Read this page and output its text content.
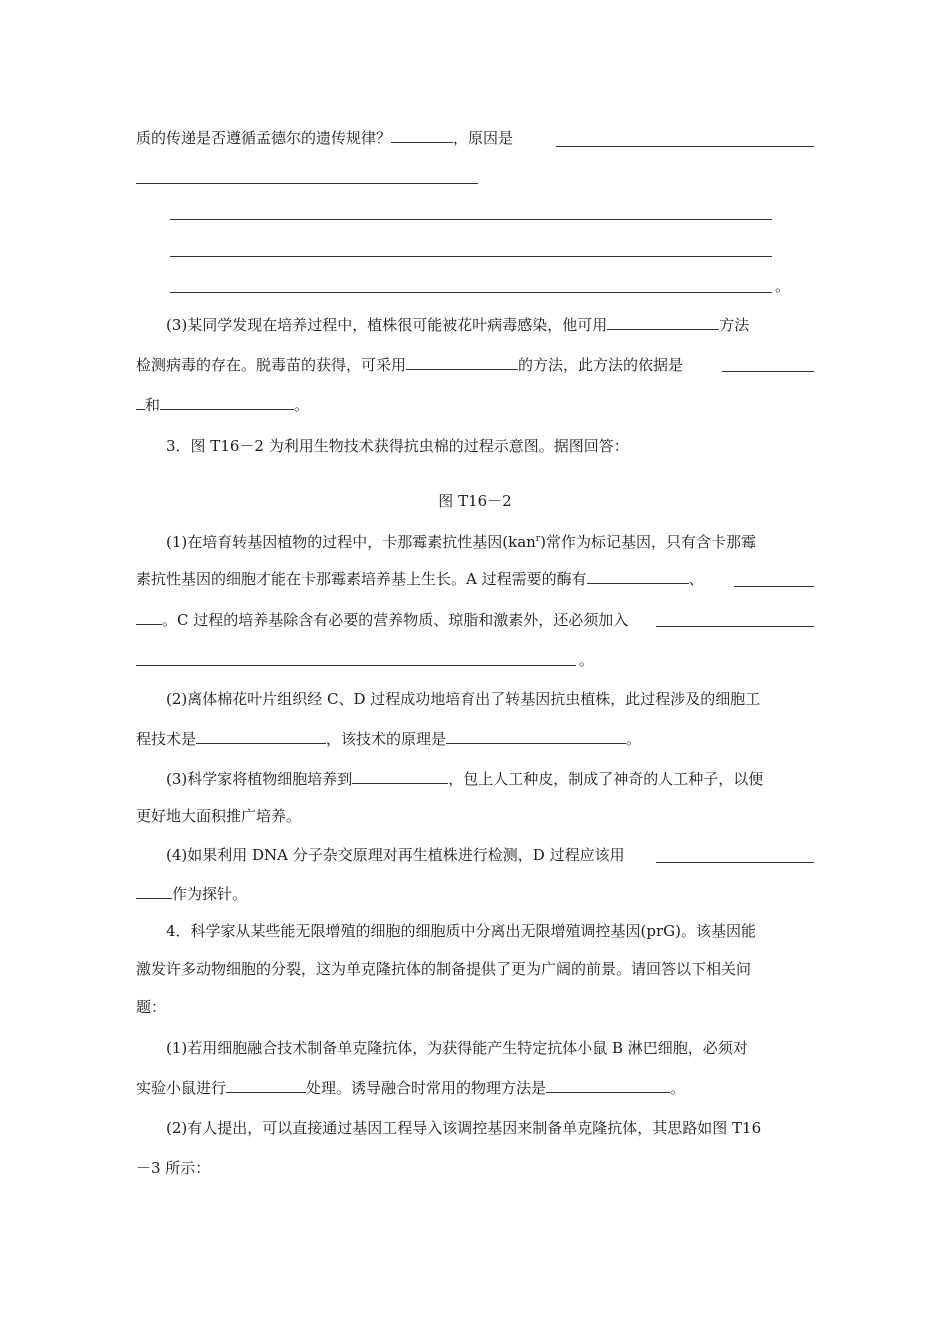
质的传递是否遵循孟德尔的遗传规律？	，原因是
。
(3)某同学发现在培养过程中，植株很可能被花叶病毒感染，他可用	方法
检测病毒的存在。脱毒苗的获得，可采用	的方法，此方法的依据是
和	。
3．图 T16－2 为利用生物技术获得抗虫棉的过程示意图。据图回答：
图 T16－2
(1)在培育转基因植物的过程中，卡那霉素抗性基因(kan$^r$)常作为标记基因，只有含卡那霉
素抗性基因的细胞才能在卡那霉素培养基上生长。A 过程需要的酶有	、
。C 过程的培养基除含有必要的营养物质、琼脂和激素外，还必须加入
。
(2)离体棉花叶片组织经 C、D 过程成功地培育出了转基因抗虫植株，此过程涉及的细胞工
程技术是	，该技术的原理是	。
(3)科学家将植物细胞培养到	，包上人工种皮，制成了神奇的人工种子，以便
更好地大面积推广培养。
(4)如果利用 DNA 分子杂交原理对再生植株进行检测，D 过程应该用
作为探针。
4．科学家从某些能无限增殖的细胞的细胞质中分离出无限增殖调控基因(prG)。该基因能
激发许多动物细胞的分裂，这为单克隆抗体的制备提供了更为广阔的前景。请回答以下相关问
题：
(1)若用细胞融合技术制备单克隆抗体，为获得能产生特定抗体小鼠 B 淋巴细胞，必须对
实验小鼠进行	处理。诱导融合时常用的物理方法是	。
(2)有人提出，可以直接通过基因工程导入该调控基因来制备单克隆抗体，其思路如图 T16
－3 所示：
